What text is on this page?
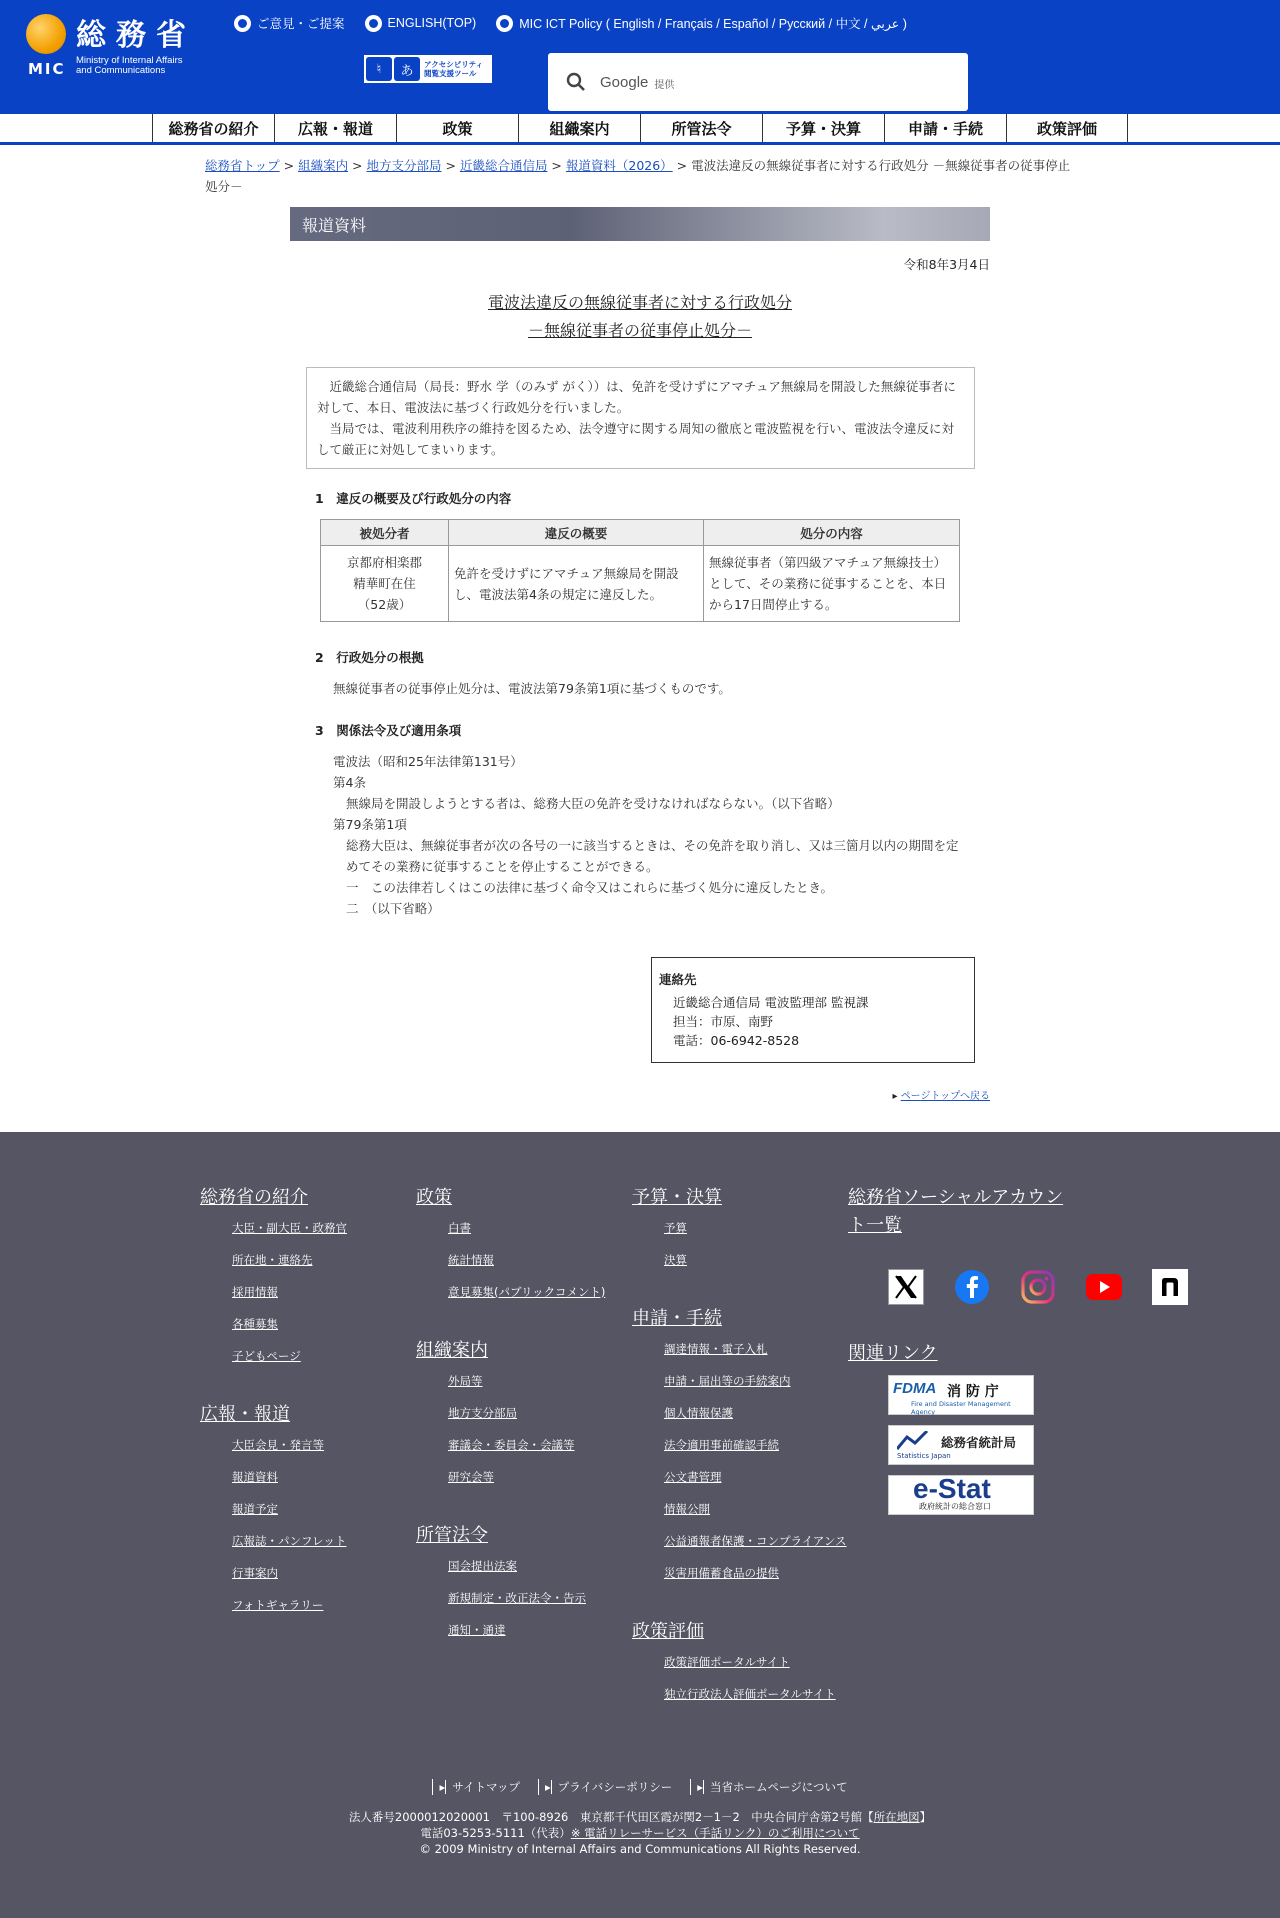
MIC
総務省
Ministry of Internal Affairs
and Communications
ご意見・ご提案	ENGLISH(TOP)	MIC ICT Policy ( English / Français / Español / Русский / 中文 / عربي )
♮	あ	アクセシビリティ
閲覧支援ツール	Google 提供
総務省の紹介	広報・報道	政策	組織案内	所管法令	予算・決算	申請・手続	政策評価
総務省トップ > 組織案内 > 地方支分部局 > 近畿総合通信局 > 報道資料（2026） > 電波法違反の無線従事者に対する行政処分 －無線従事者の従事停止処分－
報道資料
令和8年3月4日
電波法違反の無線従事者に対する行政処分
－無線従事者の従事停止処分－

近畿総合通信局（局長：野水 学（のみず がく））は、免許を受けずにアマチュア無線局を開設した無線従事者に対して、本日、電波法に基づく行政処分を行いました。

当局では、電波利用秩序の維持を図るため、法令遵守に関する周知の徹底と電波監視を行い、電波法令違反に対して厳正に対処してまいります。

1　違反の概要及び行政処分の内容
被処分者	違反の概要	処分の内容

京都府相楽郡
精華町在住
（52歳）	免許を受けずにアマチュア無線局を開設し、電波法第4条の規定に違反した。	無線従事者（第四級アマチュア無線技士）として、その業務に従事することを、本日から17日間停止する。
2　行政処分の根拠
無線従事者の従事停止処分は、電波法第79条第1項に基づくものです。
3　関係法令及び適用条項
電波法（昭和25年法律第131号）
第4条
無線局を開設しようとする者は、総務大臣の免許を受けなければならない。（以下省略）
第79条第1項
総務大臣は、無線従事者が次の各号の一に該当するときは、その免許を取り消し、又は三箇月以内の期間を定めてその業務に従事することを停止することができる。
一　この法律若しくはこの法律に基づく命令又はこれらに基づく処分に違反したとき。
二　（以下省略）
連絡先
近畿総合通信局 電波監理部 監視課
担当：市原、南野
電話：06-6942-8528
▸ ページトップへ戻る
総務省の紹介
大臣・副大臣・政務官
所在地・連絡先
採用情報
各種募集
子どもページ
広報・報道
大臣会見・発言等
報道資料
報道予定
広報誌・パンフレット
行事案内
フォトギャラリー
政策
白書
統計情報
意見募集(パブリックコメント)
組織案内
外局等
地方支分部局
審議会・委員会・会議等
研究会等
所管法令
国会提出法案
新規制定・改正法令・告示
通知・通達
予算・決算
予算
決算
申請・手続
調達情報・電子入札
申請・届出等の手続案内
個人情報保護
法令適用事前確認手続
公文書管理
情報公開
公益通報者保護・コンプライアンス
災害用備蓄食品の提供
政策評価
政策評価ポータルサイト
独立行政法人評価ポータルサイト
総務省ソーシャルアカウント一覧
関連リンク
FDMA 消 防 庁
Fire and Disaster Management Agency
総務省統計局
Statistics Japan
e-Stat
政府統計の総合窓口
▸ サイトマップ	▸ プライバシーポリシー	▸ 当省ホームページについて
法人番号2000012020001　〒100-8926　東京都千代田区霞が関2－1－2　中央合同庁舎第2号館【所在地図】
電話03-5253-5111（代表）※ 電話リレーサービス（手話リンク）のご利用について
© 2009 Ministry of Internal Affairs and Communications All Rights Reserved.
